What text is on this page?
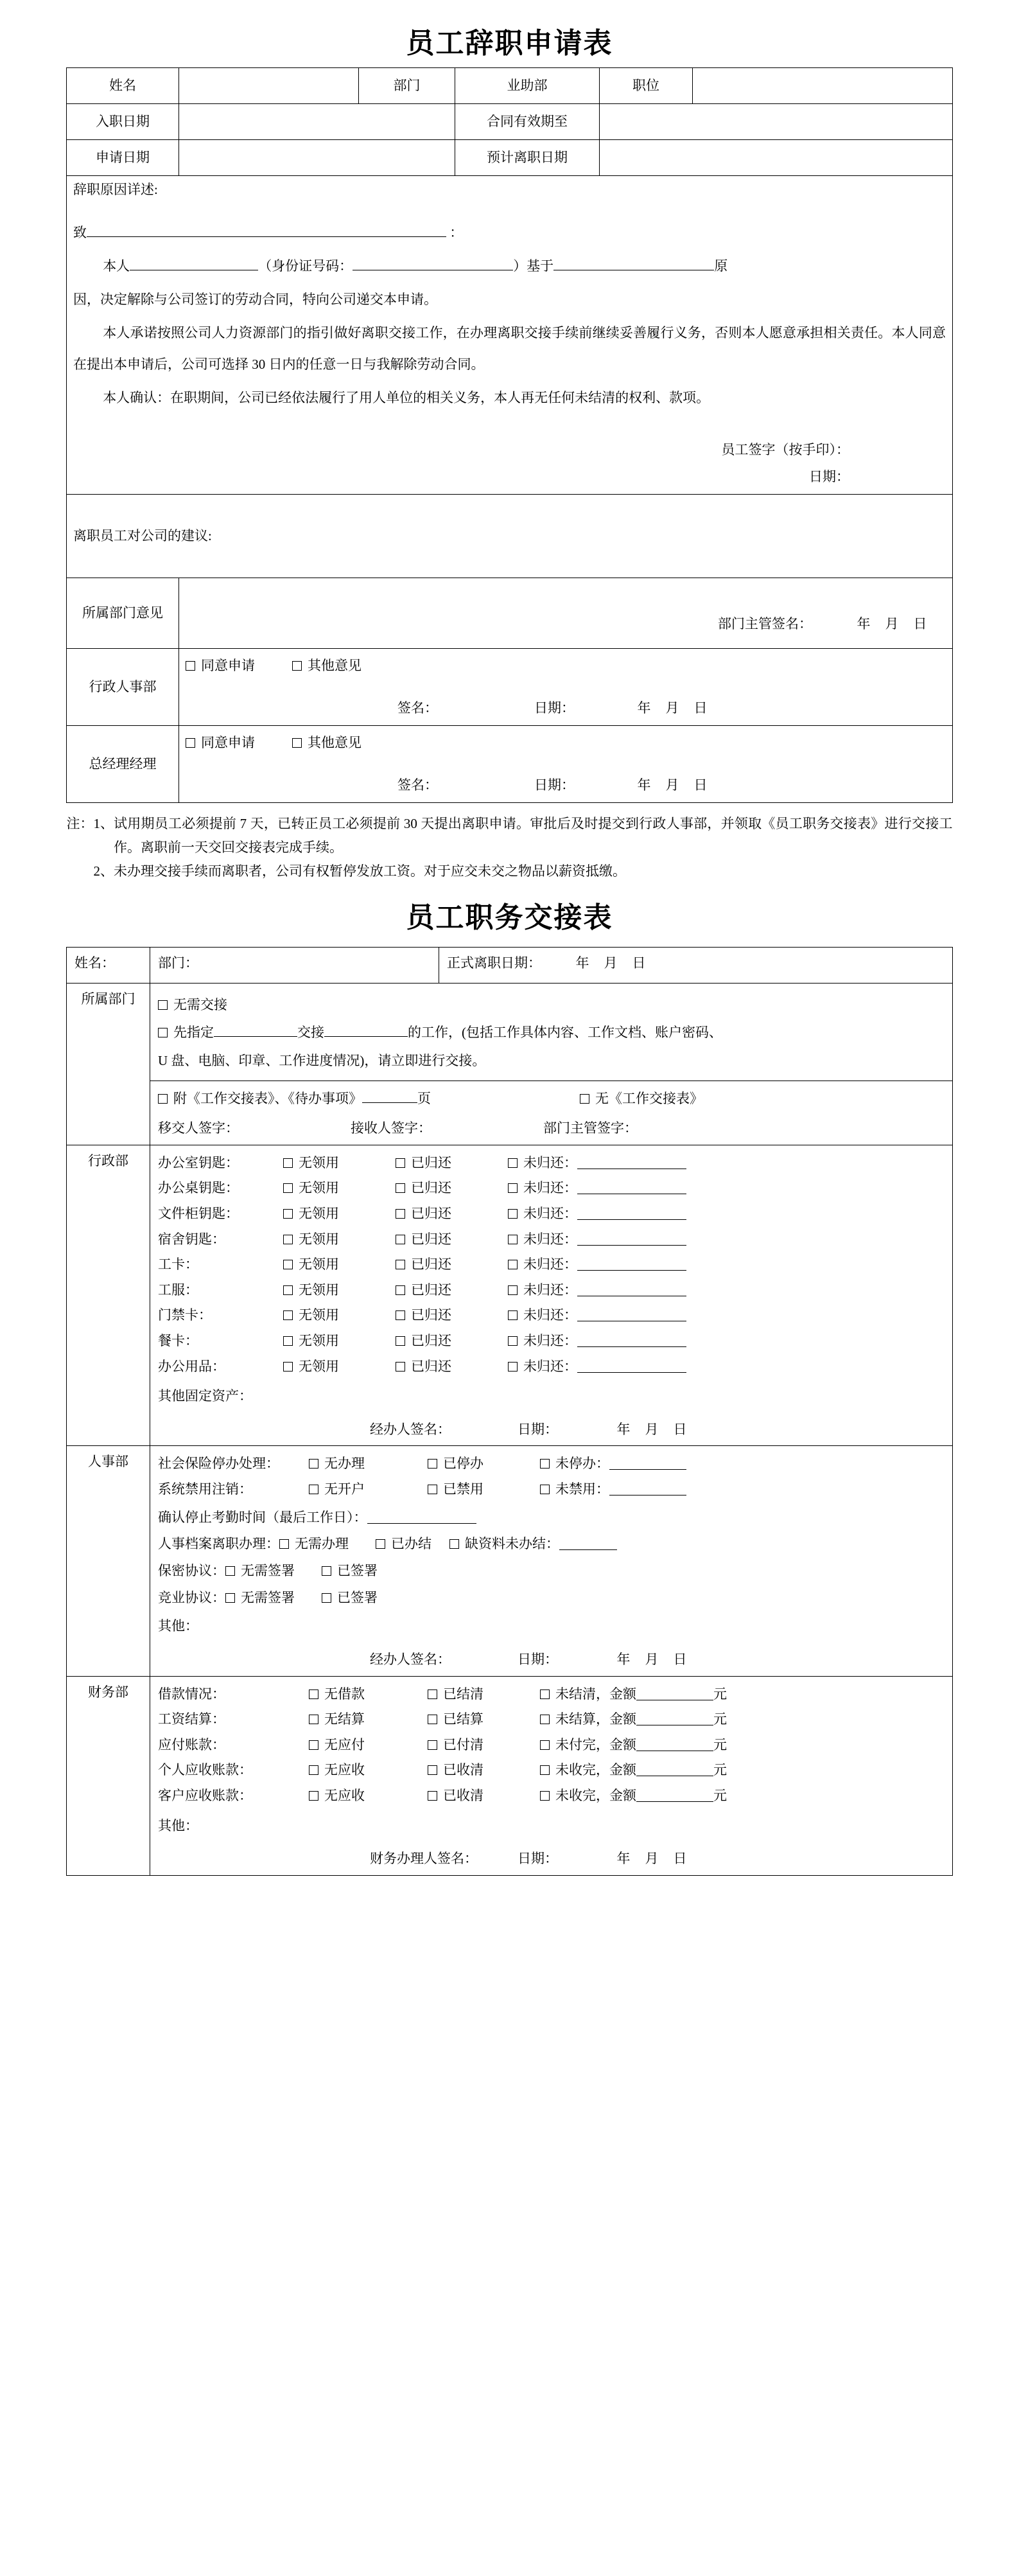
员工辞职申请表
姓名		部门	业助部	职位	
入职日期			合同有效期至		
申请日期			预计离职日期		

辞职原因详述:

致	：

本人	（身份证号码：	）基于	原

因，决定解除与公司签订的劳动合同，特向公司递交本申请。

本人承诺按照公司人力资源部门的指引做好离职交接工作，在办理离职交接手续前继续妥善履行义务，否则本人愿意承担相关责任。本人同意在提出本申请后，公司可选择 30 日内的任意一日与我解除劳动合同。

本人确认：在职期间，公司已经依法履行了用人单位的相关义务，本人再无任何未结清的权利、款项。

员工签字（按手印）：
日期：

离职员工对公司的建议:					
所属部门意见	部门主管签名： 年 月 日				

行政人事部	同意申请 其他意见
签名： 日期： 年 月 日				

总经理经理	同意申请 其他意见
签名： 日期： 年 月 日				
注：1、 试用期员工必须提前 7 天，已转正员工必须提前 30 天提出离职申请。审批后及时提交到行政人事部，并领取《员工职务交接表》进行交接工作。离职前一天交回交接表完成手续。
2、 未办理交接手续而离职者，公司有权暂停发放工资。对于应交未交之物品以薪资抵缴。
员工职务交接表
姓名：	部门：	正式离职日期：	年 月 日
所属部门	无需交接
先指定	交接	的工作，(包括工作具体内容、工作文档、账户密码、
U 盘、电脑、印章、工作进度情况)，请立即进行交接。
附《工作交接表》、《待办事项》	页	无《工作交接表》
移交人签字：	接收人签字：	部门主管签字：

行政部	办公室钥匙：	无领用	已归还	未归还：
办公桌钥匙：	无领用	已归还	未归还：
文件柜钥匙：	无领用	已归还	未归还：
宿舍钥匙：	无领用	已归还	未归还：
工卡：	无领用	已归还	未归还：
工服：	无领用	已归还	未归还：
门禁卡：	无领用	已归还	未归还：
餐卡：	无领用	已归还	未归还：
办公用品：	无领用	已归还	未归还：
其他固定资产：
经办人签名：	日期：	年 月 日

人事部	社会保险停办处理：	无办理	已停办	未停办：
系统禁用注销：	无开户	已禁用	未禁用：
确认停止考勤时间（最后工作日）：
人事档案离职办理： 无需办理	已办结 缺资料未办结：
保密协议： 无需签署	已签署
竞业协议： 无需签署	已签署
其他：
经办人签名：	日期：	年 月 日

财务部	借款情况：	无借款	已结清	未结清，金额	元
工资结算：	无结算	已结算	未结算，金额	元
应付账款：	无应付	已付清	未付完，金额	元
个人应收账款：	无应收	已收清	未收完，金额	元
客户应收账款：	无应收	已收清	未收完，金额	元
其他：
财务办理人签名：	日期：	年 月 日
